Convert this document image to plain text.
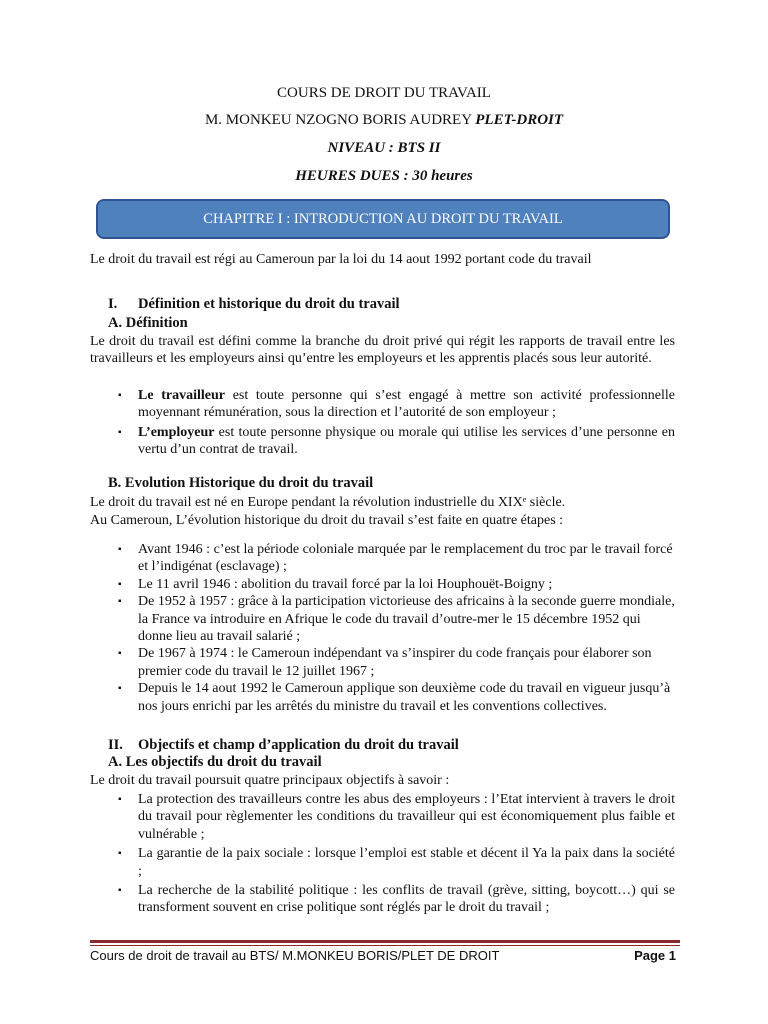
COURS DE DROIT DU TRAVAIL
M. MONKEU NZOGNO BORIS AUDREY PLET-DROIT
NIVEAU : BTS II
HEURES DUES : 30 heures
CHAPITRE I : INTRODUCTION AU DROIT DU TRAVAIL
Le droit du travail est régi au Cameroun par la loi du 14 aout 1992 portant code du travail
I. Définition et historique du droit du travail
A. Définition
Le droit du travail est défini comme la branche du droit privé qui régit les rapports de travail entre les travailleurs et les employeurs ainsi qu’entre les employeurs et les apprentis placés sous leur autorité.
▪ Le travailleur est toute personne qui s’est engagé à mettre son activité professionnelle moyennant rémunération, sous la direction et l’autorité de son employeur ;
▪ L’employeur est toute personne physique ou morale qui utilise les services d’une personne en vertu d’un contrat de travail.
B. Evolution Historique du droit du travail
Le droit du travail est né en Europe pendant la révolution industrielle du XIXᵉ siècle.
Au Cameroun, L’évolution historique du droit du travail s’est faite en quatre étapes :
▪ Avant 1946 : c’est la période coloniale marquée par le remplacement du troc par le travail forcé et l’indigénat (esclavage) ;
▪ Le 11 avril 1946 : abolition du travail forcé par la loi Houphouët-Boigny ;
▪ De 1952 à 1957 : grâce à la participation victorieuse des africains à la seconde guerre mondiale, la France va introduire en Afrique le code du travail d’outre-mer le 15 décembre 1952 qui donne lieu au travail salarié ;
▪ De 1967 à 1974 : le Cameroun indépendant va s’inspirer du code français pour élaborer son premier code du travail le 12 juillet 1967 ;
▪ Depuis le 14 aout 1992 le Cameroun applique son deuxième code du travail en vigueur jusqu’à nos jours enrichi par les arrêtés du ministre du travail et les conventions collectives.
II. Objectifs et champ d’application du droit du travail
A. Les objectifs du droit du travail
Le droit du travail poursuit quatre principaux objectifs à savoir :
▪ La protection des travailleurs contre les abus des employeurs : l’Etat intervient à travers le droit du travail pour règlementer les conditions du travailleur qui est économiquement plus faible et vulnérable ;
▪ La garantie de la paix sociale : lorsque l’emploi est stable et décent il Ya la paix dans la société ;
▪ La recherche de la stabilité politique : les conflits de travail (grève, sitting, boycott…) qui se transforment souvent en crise politique sont réglés par le droit du travail ;
Cours de droit de travail au BTS/ M.MONKEU BORIS/PLET DE DROIT	Page 1
